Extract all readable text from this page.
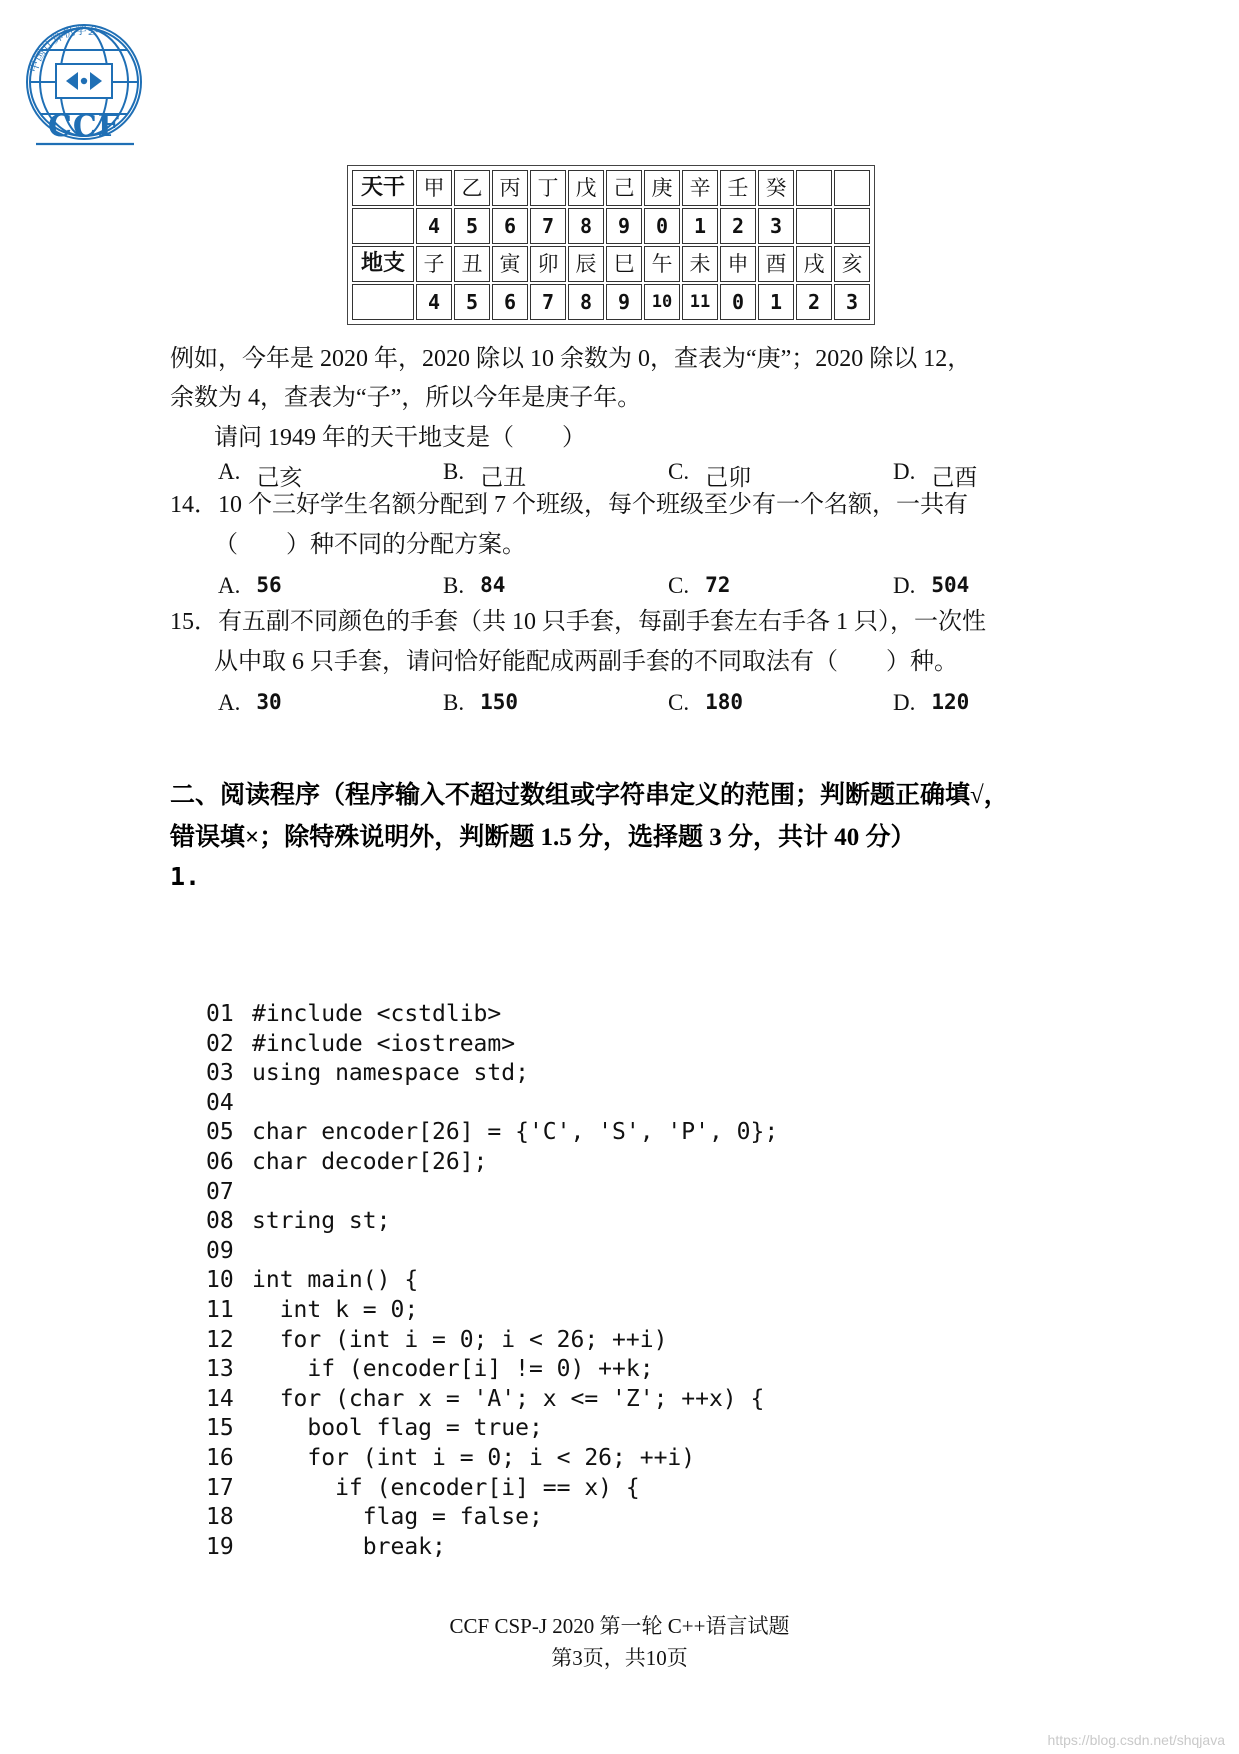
中国计算机学会
CCF
天干	甲	乙	丙	丁	戊	己	庚	辛	壬	癸		
	4	5	6	7	8	9	0	1	2	3		
地支	子	丑	寅	卯	辰	巳	午	未	申	酉	戌	亥
	4	5	6	7	8	9	10	11	0	1	2	3
例如，今年是 2020 年，2020 除以 10 余数为 0，查表为“庚”；2020 除以 12，
余数为 4，查表为“子”，所以今年是庚子年。
请问 1949 年的天干地支是（　　）
A. 己亥	B. 己丑	C. 己卯	D. 己酉
14．10 个三好学生名额分配到 7 个班级，每个班级至少有一个名额，一共有
（　　）种不同的分配方案。
A. 56	B. 84	C. 72	D. 504
15．有五副不同颜色的手套（共 10 只手套，每副手套左右手各 1 只），一次性
从中取 6 只手套，请问恰好能配成两副手套的不同取法有（　　）种。
A. 30	B. 150	C. 180	D. 120
二、阅读程序（程序输入不超过数组或字符串定义的范围；判断题正确填√，
错误填×；除特殊说明外，判断题 1.5 分，选择题 3 分，共计 40 分）
1.
01 #include <cstdlib>
02 #include <iostream>
03 using namespace std;
04
05 char encoder[26] = {'C', 'S', 'P', 0};
06 char decoder[26];
07
08 string st;
09
10 int main() {
11  int k = 0;
12  for (int i = 0; i < 26; ++i)
13    if (encoder[i] != 0) ++k;
14  for (char x = 'A'; x <= 'Z'; ++x) {
15    bool flag = true;
16    for (int i = 0; i < 26; ++i)
17      if (encoder[i] == x) {
18        flag = false;
19        break;
CCF CSP-J 2020 第一轮 C++语言试题
第3页，共10页
https://blog.csdn.net/shqjava
